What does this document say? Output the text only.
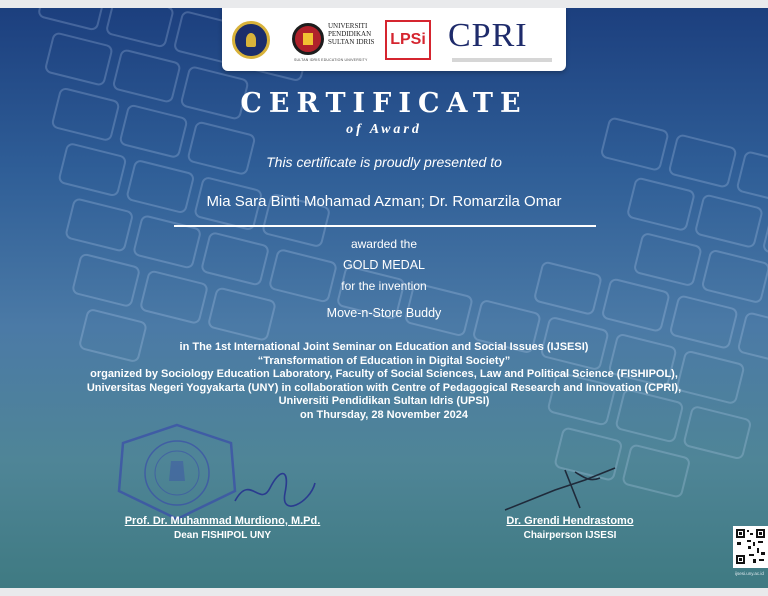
UNIVERSITI PENDIDIKAN SULTAN IDRIS
SULTAN IDRIS EDUCATION UNIVERSITY
LPSi CPRI
CERTIFICATE
of Award
This certificate is proudly presented to
Mia Sara Binti Mohamad Azman; Dr. Romarzila Omar
awarded the
GOLD MEDAL
for the invention
Move-n-Store Buddy
in The 1st International Joint Seminar on Education and Social Issues (IJSESI)
“Transformation of Education in Digital Society”
organized by Sociology Education Laboratory, Faculty of Social Sciences, Law and Political Science (FISHIPOL),
Universitas Negeri Yogyakarta (UNY) in collaboration with Centre of Pedagogical Research and Innovation (CPRI),
Universiti Pendidikan Sultan Idris (UPSI)
on Thursday, 28 November 2024
Prof. Dr. Muhammad Murdiono, M.Pd.
Dean FISHIPOL UNY
Dr. Grendi Hendrastomo
Chairperson IJSESI
ijsesi.uny.ac.id
